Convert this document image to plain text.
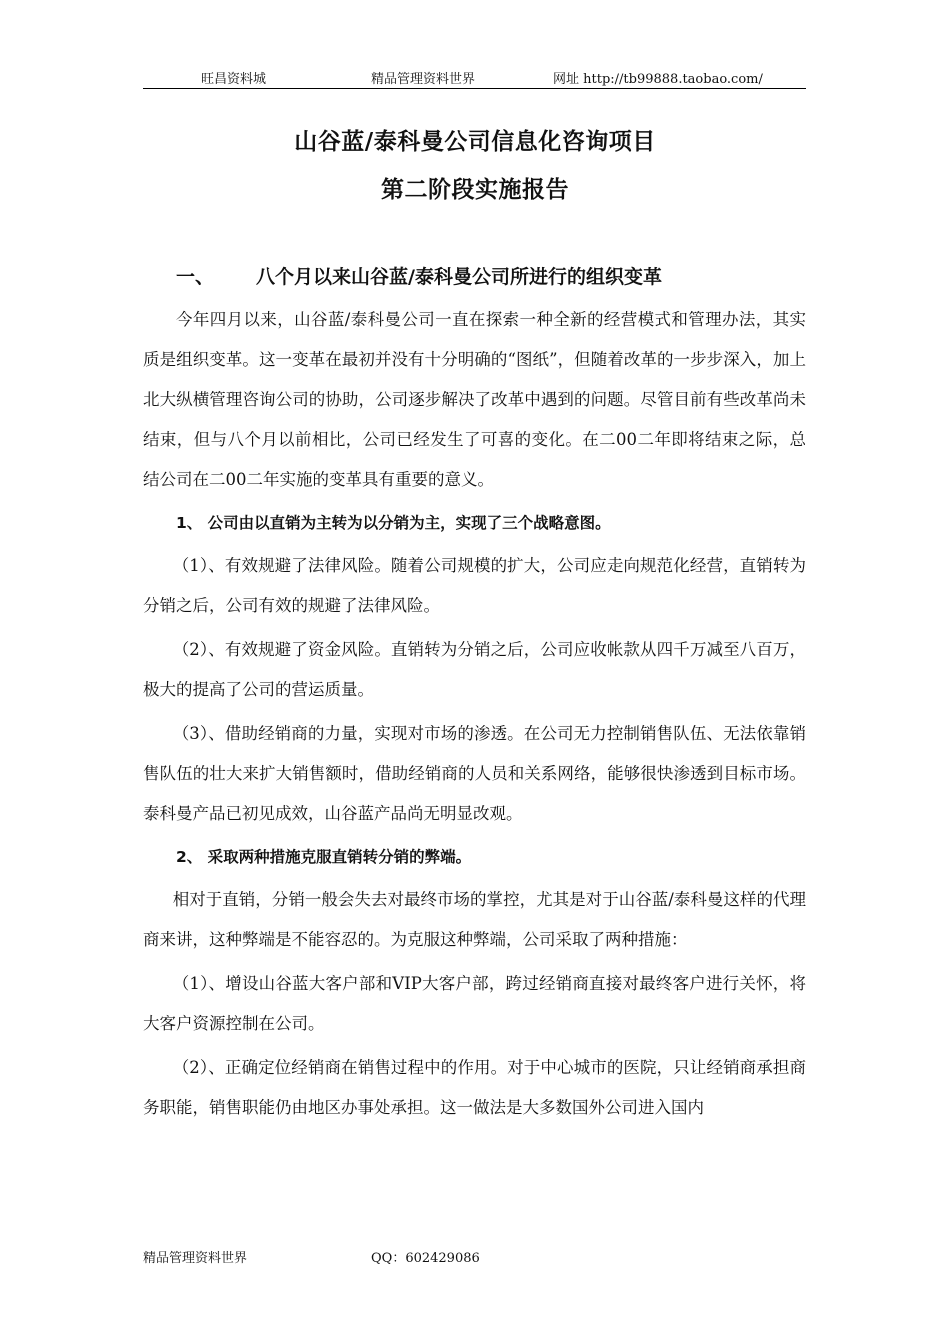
旺昌资料城	精品管理资料世界	网址 http://tb99888.taobao.com/
山谷蓝/泰科曼公司信息化咨询项目
第二阶段实施报告
一、 八个月以来山谷蓝/泰科曼公司所进行的组织变革

今年四月以来，山谷蓝/泰科曼公司一直在探索一种全新的经营模式和管理办法，其实质是组织变革。这一变革在最初并没有十分明确的“图纸”，但随着改革的一步步深入，加上北大纵横管理咨询公司的协助，公司逐步解决了改革中遇到的问题。尽管目前有些改革尚未结束，但与八个月以前相比，公司已经发生了可喜的变化。在二00二年即将结束之际，总结公司在二00二年实施的变革具有重要的意义。

1、 公司由以直销为主转为以分销为主，实现了三个战略意图。

（1）、有效规避了法律风险。随着公司规模的扩大，公司应走向规范化经营，直销转为分销之后，公司有效的规避了法律风险。

（2）、有效规避了资金风险。直销转为分销之后，公司应收帐款从四千万减至八百万，极大的提高了公司的营运质量。

（3）、借助经销商的力量，实现对市场的渗透。在公司无力控制销售队伍、无法依靠销售队伍的壮大来扩大销售额时，借助经销商的人员和关系网络，能够很快渗透到目标市场。泰科曼产品已初见成效，山谷蓝产品尚无明显改观。

2、 采取两种措施克服直销转分销的弊端。

相对于直销，分销一般会失去对最终市场的掌控，尤其是对于山谷蓝/泰科曼这样的代理商来讲，这种弊端是不能容忍的。为克服这种弊端，公司采取了两种措施：

（1）、增设山谷蓝大客户部和VIP大客户部，跨过经销商直接对最终客户进行关怀，将大客户资源控制在公司。

（2）、正确定位经销商在销售过程中的作用。对于中心城市的医院，只让经销商承担商务职能，销售职能仍由地区办事处承担。这一做法是大多数国外公司进入国内

精品管理资料世界	QQ：602429086
